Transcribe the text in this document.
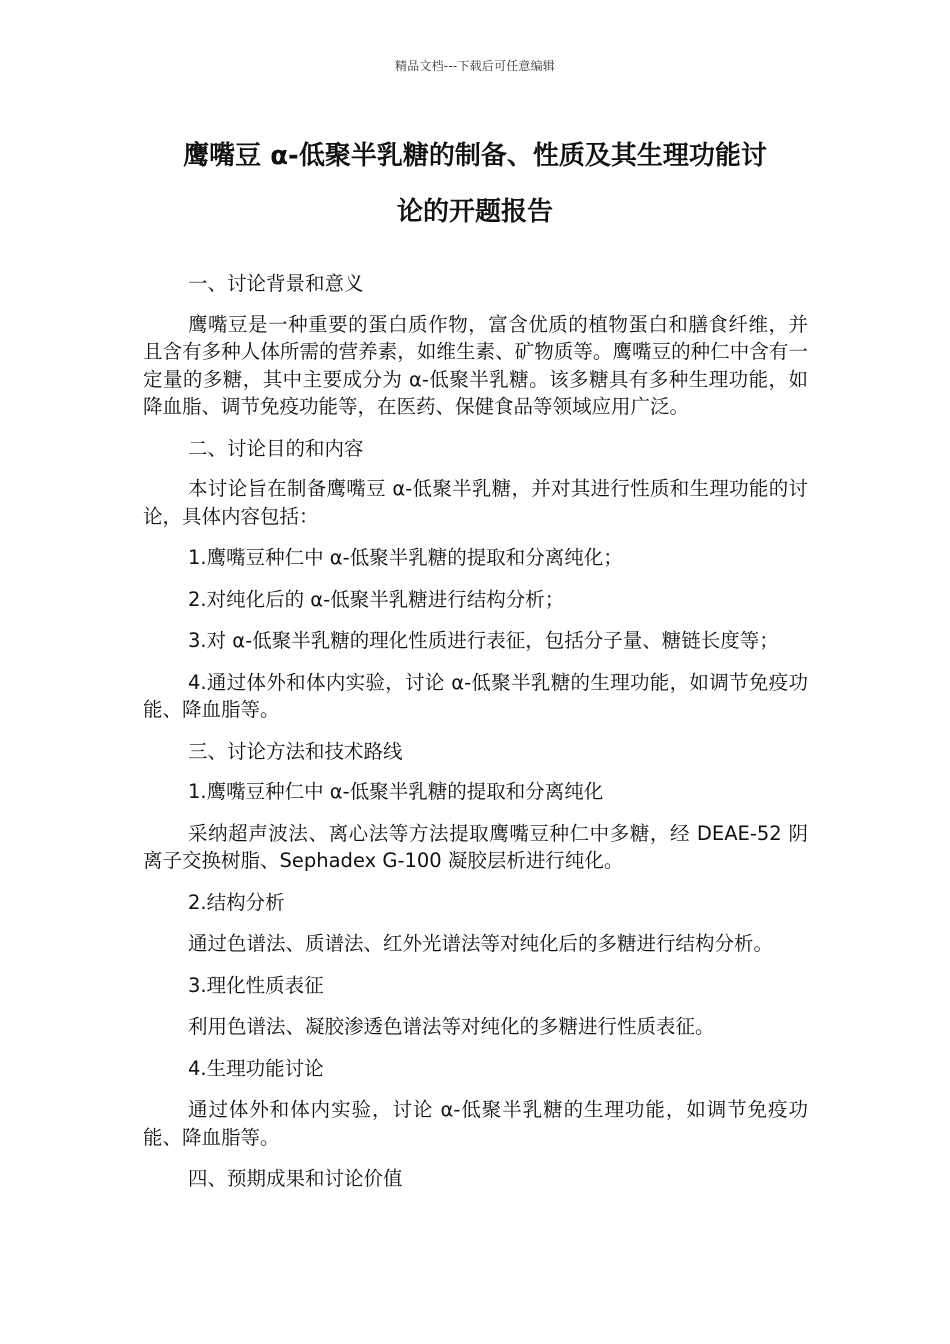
精品文档---下载后可任意编辑
鹰嘴豆 α-低聚半乳糖的制备、性质及其生理功能讨
论的开题报告

一、讨论背景和意义

鹰嘴豆是一种重要的蛋白质作物，富含优质的植物蛋白和膳食纤维，并且含有多种人体所需的营养素，如维生素、矿物质等。鹰嘴豆的种仁中含有一定量的多糖，其中主要成分为 α-低聚半乳糖。该多糖具有多种生理功能，如降血脂、调节免疫功能等，在医药、保健食品等领域应用广泛。

二、讨论目的和内容

本讨论旨在制备鹰嘴豆 α-低聚半乳糖，并对其进行性质和生理功能的讨论，具体内容包括：

1.鹰嘴豆种仁中 α-低聚半乳糖的提取和分离纯化；

2.对纯化后的 α-低聚半乳糖进行结构分析；

3.对 α-低聚半乳糖的理化性质进行表征，包括分子量、糖链长度等；

4.通过体外和体内实验，讨论 α-低聚半乳糖的生理功能，如调节免疫功能、降血脂等。

三、讨论方法和技术路线

1.鹰嘴豆种仁中 α-低聚半乳糖的提取和分离纯化

采纳超声波法、离心法等方法提取鹰嘴豆种仁中多糖，经 DEAE-52 阴离子交换树脂、Sephadex G-100 凝胶层析进行纯化。

2.结构分析

通过色谱法、质谱法、红外光谱法等对纯化后的多糖进行结构分析。

3.理化性质表征

利用色谱法、凝胶渗透色谱法等对纯化的多糖进行性质表征。

4.生理功能讨论

通过体外和体内实验，讨论 α-低聚半乳糖的生理功能，如调节免疫功能、降血脂等。

四、预期成果和讨论价值
